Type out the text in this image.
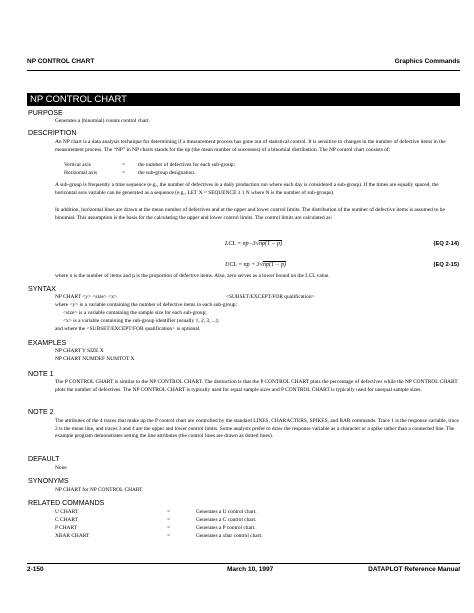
NP CONTROL CHART	Graphics Commands
NP CONTROL CHART
PURPOSE

Generates a (binomial) counts control chart.

DESCRIPTION

An NP chart is a data analysis technique for determining if a measurement process has gone out of statistical control. It is sensitive to changes in the number of defective items in the measurement process. The “NP” in NP charts stands for the np (the mean number of successes) of a binomial distribution. The NP control chart consists of:

Vertical axis	= the number of defectives for each sub-group;

Horizontal axis	= the sub-group designation.

A sub-group is frequently a time sequence (e.g., the number of defectives in a daily production run where each day is considered a sub-group). If the times are equally spaced, the horizontal axis variable can be generated as a sequence (e.g., LET X = SEQUENCE 1 1 N where N is the number of sub-groups).

In addition, horizontal lines are drawn at the mean number of defectives and at the upper and lower control limits. The distribution of the number of defective items is assumed to be binomial. This assumption is the basis for the calculating the upper and lower control limits. The control limits are calculated as:

LCL = np−3√np(1 − p)	(EQ 2-14)
UCL = np + 3√np(1 − p)	(EQ 2-15)

where n is the number of items and p is the proportion of defective items. Also, zero serves as a lower bound on the LCL value.

SYNTAX

NP CHART <y> <size> <x>	<SUBSET/EXCEPT/FOR qualification>

where <y> is a variable containing the number of defective items in each sub-group;

<size> is a variable containing the sample size for each sub-group;

<x> is a variable containing the sub-group identifier (usually 1, 2, 3, ...);

and where the <SUBSET/EXCEPT/FOR qualification> is optional.

EXAMPLES

NP CHART Y SIZE X

NP CHART NUMDEF NUMTOT X

NOTE 1

The P CONTROL CHART is similar to the NP CONTROL CHART. The distinction is that the P CONTROL CHART plots the percentage of defectives while the NP CONTROL CHART plots the number of defectives. The NP CONTROL CHART is typically used for equal sample sizes and P CONTROL CHART is typically used for unequal sample sizes.

NOTE 2

The attributes of the 4 traces that make up the P control chart are controlled by the standard LINES, CHARACTERS, SPIKES, and BAR commands. Trace 1 is the response variable, trace 2 is the mean line, and traces 3 and 4 are the upper and lower control limits. Some analysts prefer to draw the response variable as a character or a spike rather than a connected line. The example program demonstrates setting the line attributes (the control lines are drawn as dotted lines).

DEFAULT

None

SYNONYMS

NP CHART for NP CONTROL CHART

RELATED COMMANDS

U CHART	=	Generates a U control chart.

C CHART	=	Generates a C control chart.

P CHART	=	Generates a P control chart.

XBAR CHART	=	Generates a xbar control chart.

2-150	March 10, 1997	DATAPLOT Reference Manual
